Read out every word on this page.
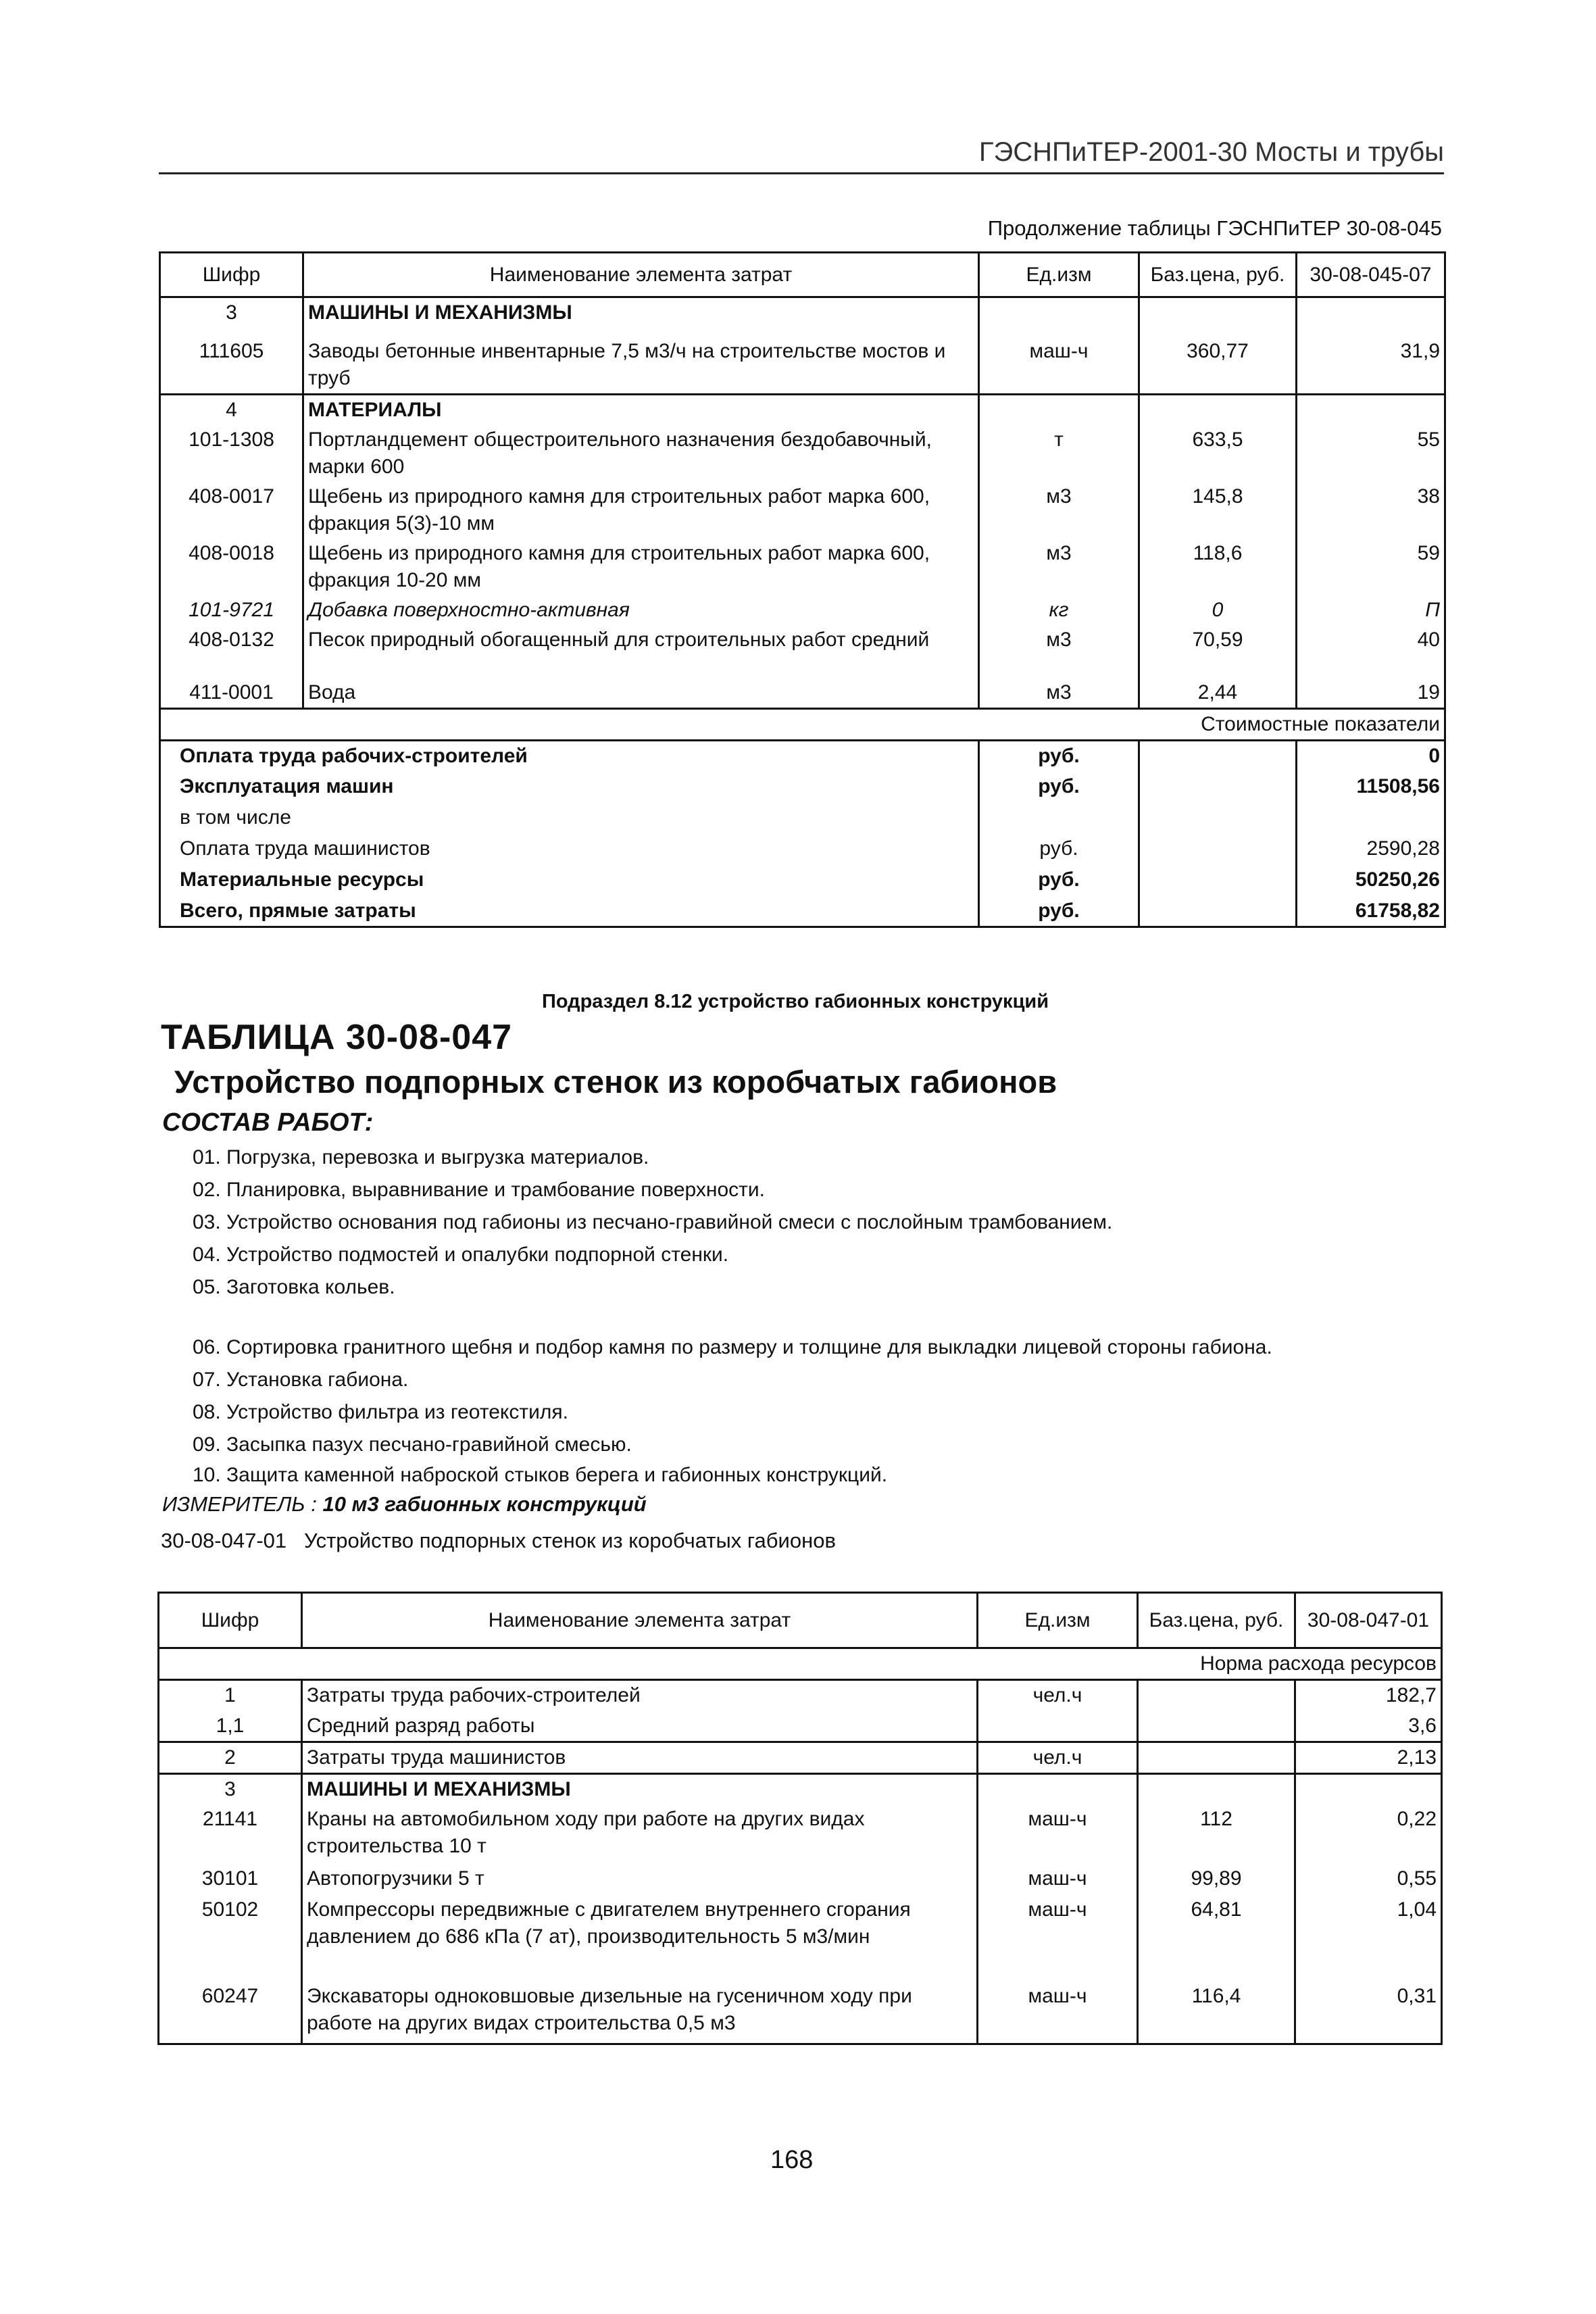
ГЭСНПиТЕР-2001-30 Мосты и трубы
Продолжение таблицы ГЭСНПиТЕР 30-08-045
Шифр	Наименование элемента затрат	Ед.изм	Баз.цена, руб.	30-08-045-07
3	МАШИНЫ И МЕХАНИЗМЫ			
111605	Заводы бетонные инвентарные 7,5 м3/ч на строительстве мостов и труб	маш-ч	360,77	31,9
4	МАТЕРИАЛЫ			
101-1308	Портландцемент общестроительного назначения бездобавочный, марки 600	т	633,5	55
408-0017	Щебень из природного камня для строительных работ марка 600, фракция 5(3)-10 мм	м3	145,8	38
408-0018	Щебень из природного камня для строительных работ марка 600, фракция 10-20 мм	м3	118,6	59
101-9721	Добавка поверхностно-активная	кг	0	П
408-0132	Песок природный обогащенный для строительных работ средний	м3	70,59	40
411-0001	Вода	м3	2,44	19
Стоимостные показатели				
Оплата труда рабочих-строителей		руб.		0
Эксплуатация машин		руб.		11508,56
в том числе				
Оплата труда машинистов		руб.		2590,28
Материальные ресурсы		руб.		50250,26
Всего, прямые затраты		руб.		61758,82
Подраздел 8.12 устройство габионных конструкций
ТАБЛИЦА 30-08-047
Устройство подпорных стенок из коробчатых габионов
СОСТАВ РАБОТ:
01. Погрузка, перевозка и выгрузка материалов.
02. Планировка, выравнивание и трамбование поверхности.
03. Устройство основания под габионы из песчано-гравийной смеси с послойным трамбованием.
04. Устройство подмостей и опалубки подпорной стенки.
05. Заготовка кольев.
06. Сортировка гранитного щебня и подбор камня по размеру и толщине для выкладки лицевой стороны габиона.
07. Установка габиона.
08. Устройство фильтра из геотекстиля.
09. Засыпка пазух песчано-гравийной смесью.
10. Защита каменной наброской стыков берега и габионных конструкций.
ИЗМЕРИТЕЛЬ : 10 м3 габионных конструкций
30-08-047-01 Устройство подпорных стенок из коробчатых габионов
Шифр	Наименование элемента затрат	Ед.изм	Баз.цена, руб.	30-08-047-01
Норма расхода ресурсов				
1	Затраты труда рабочих-строителей	чел.ч		182,7
1,1	Средний разряд работы			3,6
2	Затраты труда машинистов	чел.ч		2,13
3	МАШИНЫ И МЕХАНИЗМЫ			
21141	Краны на автомобильном ходу при работе на других видах строительства 10 т	маш-ч	112	0,22
30101	Автопогрузчики 5 т	маш-ч	99,89	0,55
50102	Компрессоры передвижные с двигателем внутреннего сгорания давлением до 686 кПа (7 ат), производительность 5 м3/мин	маш-ч	64,81	1,04
60247	Экскаваторы одноковшовые дизельные на гусеничном ходу при работе на других видах строительства 0,5 м3	маш-ч	116,4	0,31
168
